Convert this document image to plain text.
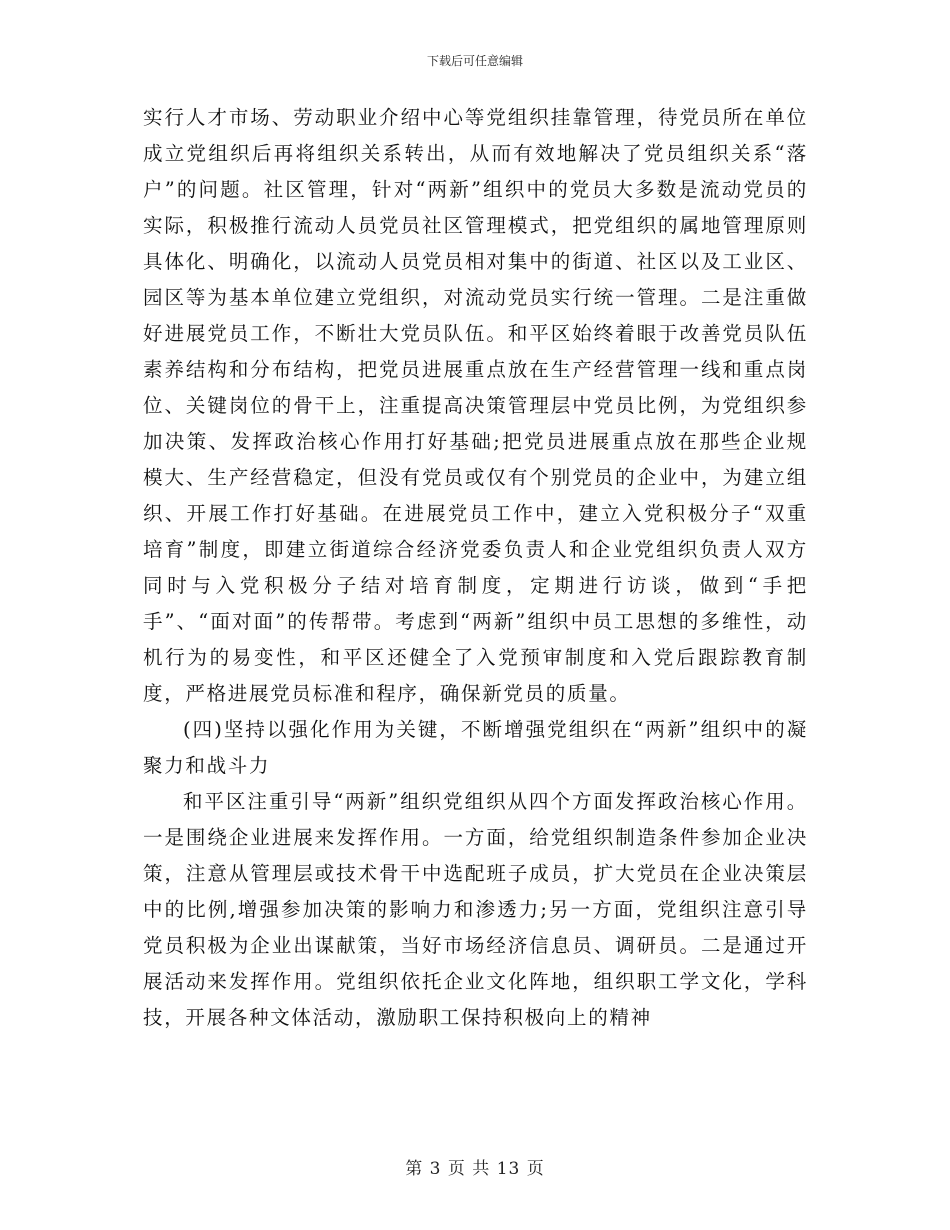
下载后可任意编辑

实行人才市场、劳动职业介绍中心等党组织挂靠管理，待党员所在单位成立党组织后再将组织关系转出，从而有效地解决了党员组织关系“落户”的问题。社区管理，针对“两新”组织中的党员大多数是流动党员的实际，积极推行流动人员党员社区管理模式，把党组织的属地管理原则具体化、明确化，以流动人员党员相对集中的街道、社区以及工业区、园区等为基本单位建立党组织，对流动党员实行统一管理。二是注重做好进展党员工作，不断壮大党员队伍。和平区始终着眼于改善党员队伍素养结构和分布结构，把党员进展重点放在生产经营管理一线和重点岗位、关键岗位的骨干上，注重提高决策管理层中党员比例，为党组织参加决策、发挥政治核心作用打好基础;把党员进展重点放在那些企业规模大、生产经营稳定，但没有党员或仅有个别党员的企业中，为建立组织、开展工作打好基础。在进展党员工作中，建立入党积极分子“双重培育”制度，即建立街道综合经济党委负责人和企业党组织负责人双方同时与入党积极分子结对培育制度，定期进行访谈，做到“手把手”、“面对面”的传帮带。考虑到“两新”组织中员工思想的多维性，动机行为的易变性，和平区还健全了入党预审制度和入党后跟踪教育制度，严格进展党员标准和程序，确保新党员的质量。

(四)坚持以强化作用为关键，不断增强党组织在“两新”组织中的凝聚力和战斗力

和平区注重引导“两新”组织党组织从四个方面发挥政治核心作用。一是围绕企业进展来发挥作用。一方面，给党组织制造条件参加企业决策，注意从管理层或技术骨干中选配班子成员，扩大党员在企业决策层中的比例,增强参加决策的影响力和渗透力;另一方面，党组织注意引导党员积极为企业出谋献策，当好市场经济信息员、调研员。二是通过开展活动来发挥作用。党组织依托企业文化阵地，组织职工学文化，学科技，开展各种文体活动，激励职工保持积极向上的精神

第 3 页 共 13 页
